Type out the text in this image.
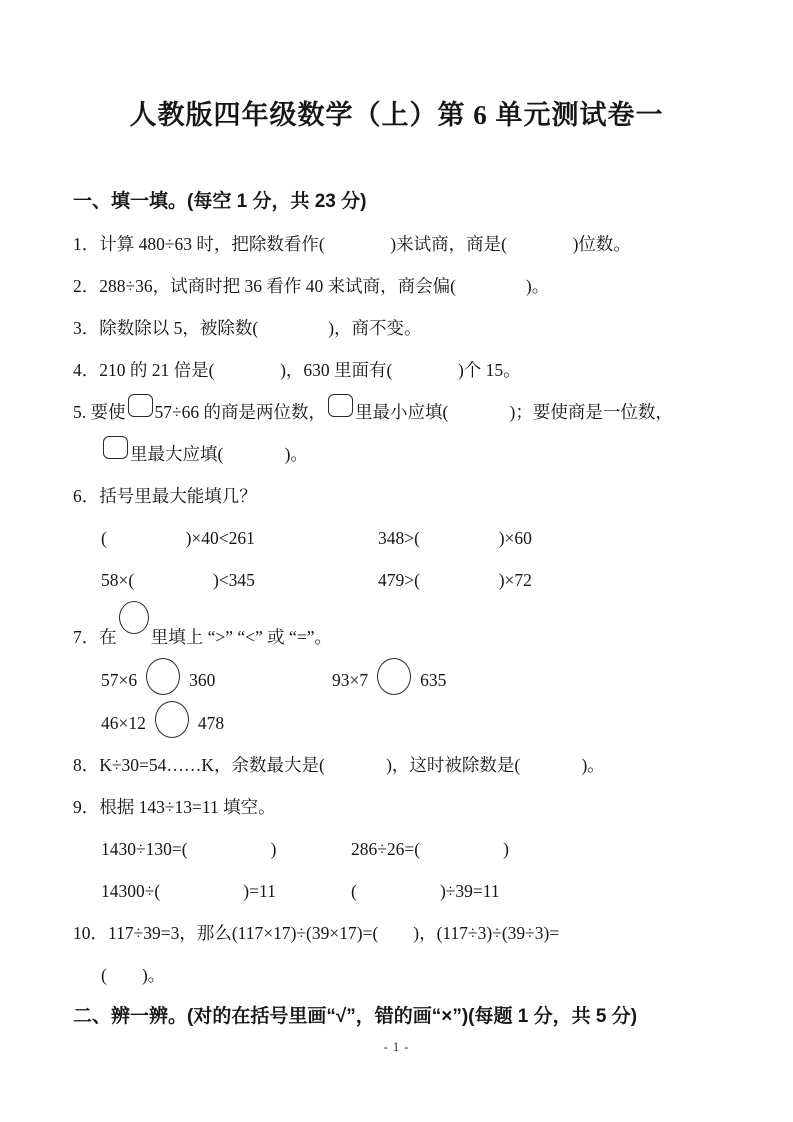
人教版四年级数学（上）第 6 单元测试卷一
一、填一填。(每空 1 分，共 23 分)

1．计算 480÷63 时，把除数看作(               )来试商，商是(               )位数。

2．288÷36，试商时把 36 看作 40 来试商，商会偏(                )。

3．除数除以 5，被除数(                )，商不变。

4．210 的 21 倍是(               )，630 里面有(               )个 15。

5. 要使 57÷66 的商是两位数， 里最小应填(              )；要使商是一位数，

里最大应填(              )。

6．括号里最大能填几？

(                  )×40<261	348>(                  )×60

58×(                  )<345	479>(                  )×72

7．在 里填上 “>” “<” 或 “=”。

57×6	360	93×7	635

46×12	478

8．K÷30=54……K，余数最大是(              )，这时被除数是(              )。

9．根据 143÷13=11 填空。

1430÷130=(                   )	286÷26=(                   )

14300÷(                   )=11	(                   )÷39=11

10．117÷39=3，那么(117×17)÷(39×17)=(        )，(117÷3)÷(39÷3)=

(        )。

二、辨一辨。(对的在括号里画“√”，错的画“×”)(每题 1 分，共 5 分)
- 1 -
